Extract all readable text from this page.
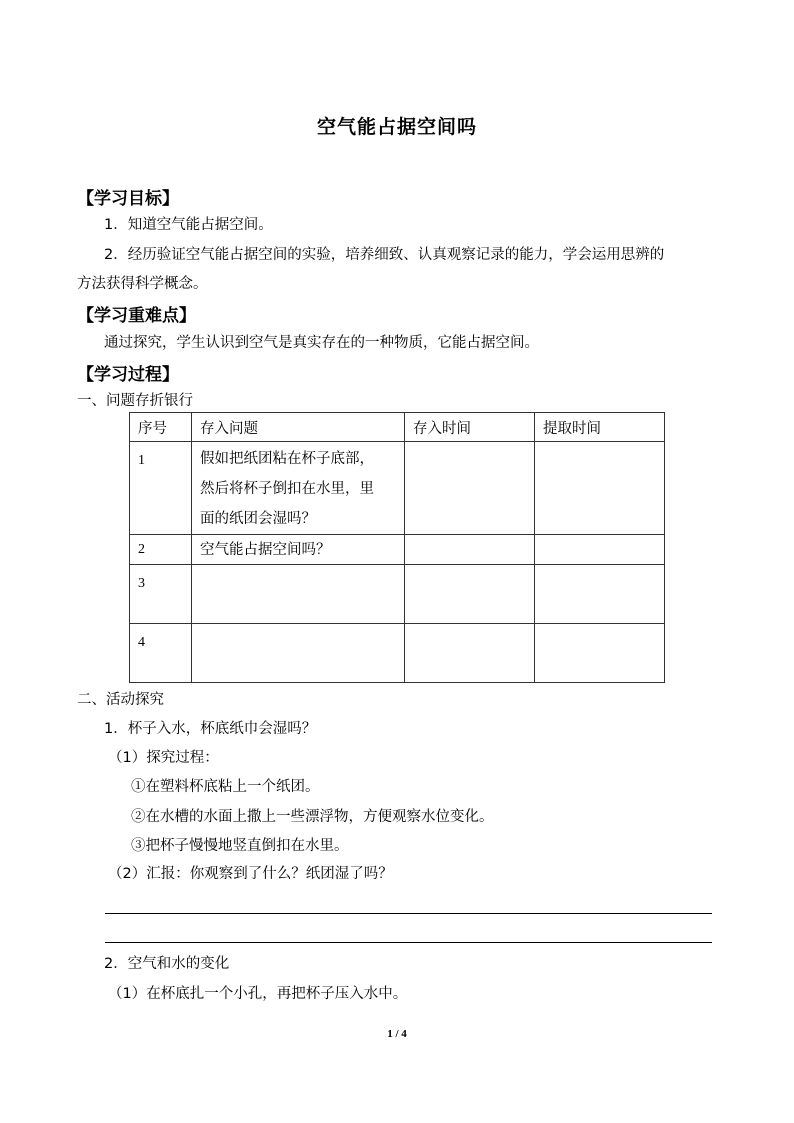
空气能占据空间吗
【学习目标】
1．知道空气能占据空间。
2．经历验证空气能占据空间的实验，培养细致、认真观察记录的能力，学会运用思辨的
方法获得科学概念。
【学习重难点】
通过探究，学生认识到空气是真实存在的一种物质，它能占据空间。
【学习过程】
一、问题存折银行
序号	存入问题	存入时间	提取时间

1	假如把纸团粘在杯子底部，
然后将杯子倒扣在水里，里
面的纸团会湿吗？		

2	空气能占据空间吗？		

3			

4			

二、活动探究
1．杯子入水，杯底纸巾会湿吗？
（1）探究过程：
①在塑料杯底粘上一个纸团。
②在水槽的水面上撒上一些漂浮物，方便观察水位变化。
③把杯子慢慢地竖直倒扣在水里。
（2）汇报：你观察到了什么？纸团湿了吗？
2．空气和水的变化
（1）在杯底扎一个小孔，再把杯子压入水中。
1 / 4
